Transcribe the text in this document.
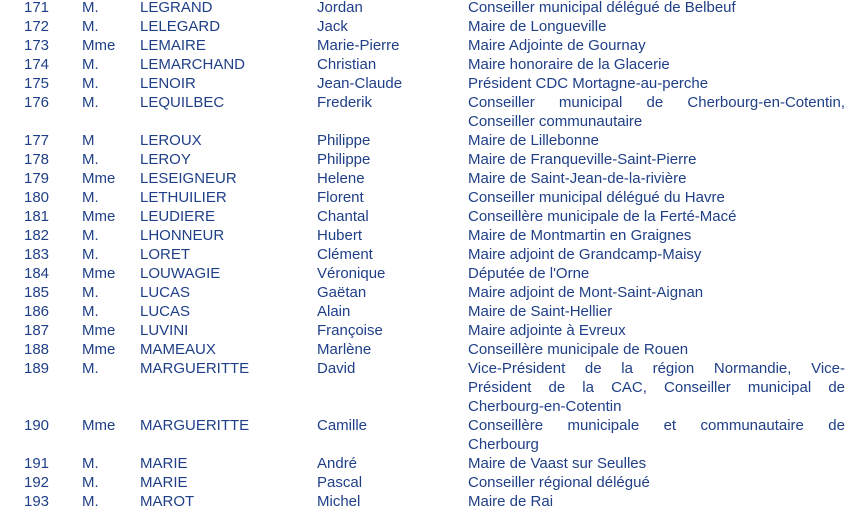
171 M.	LEGRAND	Jordan	Conseiller municipal délégué de Belbeuf
172 M.	LELEGARD	Jack	Maire de Longueville
173 Mme LEMAIRE	Marie-Pierre	Maire Adjointe de Gournay
174 M.	LEMARCHAND	Christian	Maire honoraire de la Glacerie
175 M.	LENOIR	Jean-Claude	Président CDC Mortagne-au-perche
176 M.	LEQUILBEC	Frederik	Conseiller municipal de Cherbourg-en-Cotentin,
Conseiller communautaire
177 M	LEROUX	Philippe	Maire de Lillebonne
178 M.	LEROY	Philippe	Maire de Franqueville-Saint-Pierre
179 Mme LESEIGNEUR	Helene	Maire de Saint-Jean-de-la-rivière
180 M.	LETHUILIER	Florent	Conseiller municipal délégué du Havre
181 Mme LEUDIERE	Chantal	Conseillère municipale de la Ferté-Macé
182 M.	LHONNEUR	Hubert	Maire de Montmartin en Graignes
183 M.	LORET	Clément	Maire adjoint de Grandcamp-Maisy
184 Mme LOUWAGIE	Véronique	Députée de l'Orne
185 M.	LUCAS	Gaëtan	Maire adjoint de Mont-Saint-Aignan
186 M.	LUCAS	Alain	Maire de Saint-Hellier
187 Mme LUVINI	Françoise	Maire adjointe à Evreux
188 Mme MAMEAUX	Marlène	Conseillère municipale de Rouen
189 M.	MARGUERITTE	David	Vice-Président de la région Normandie, Vice-
Président de la CAC, Conseiller municipal de
Cherbourg-en-Cotentin
190 Mme MARGUERITTE	Camille	Conseillère municipale et communautaire de
Cherbourg
191 M.	MARIE	André	Maire de Vaast sur Seulles
192 M.	MARIE	Pascal	Conseiller régional délégué
193 M.	MAROT	Michel	Maire de Rai
